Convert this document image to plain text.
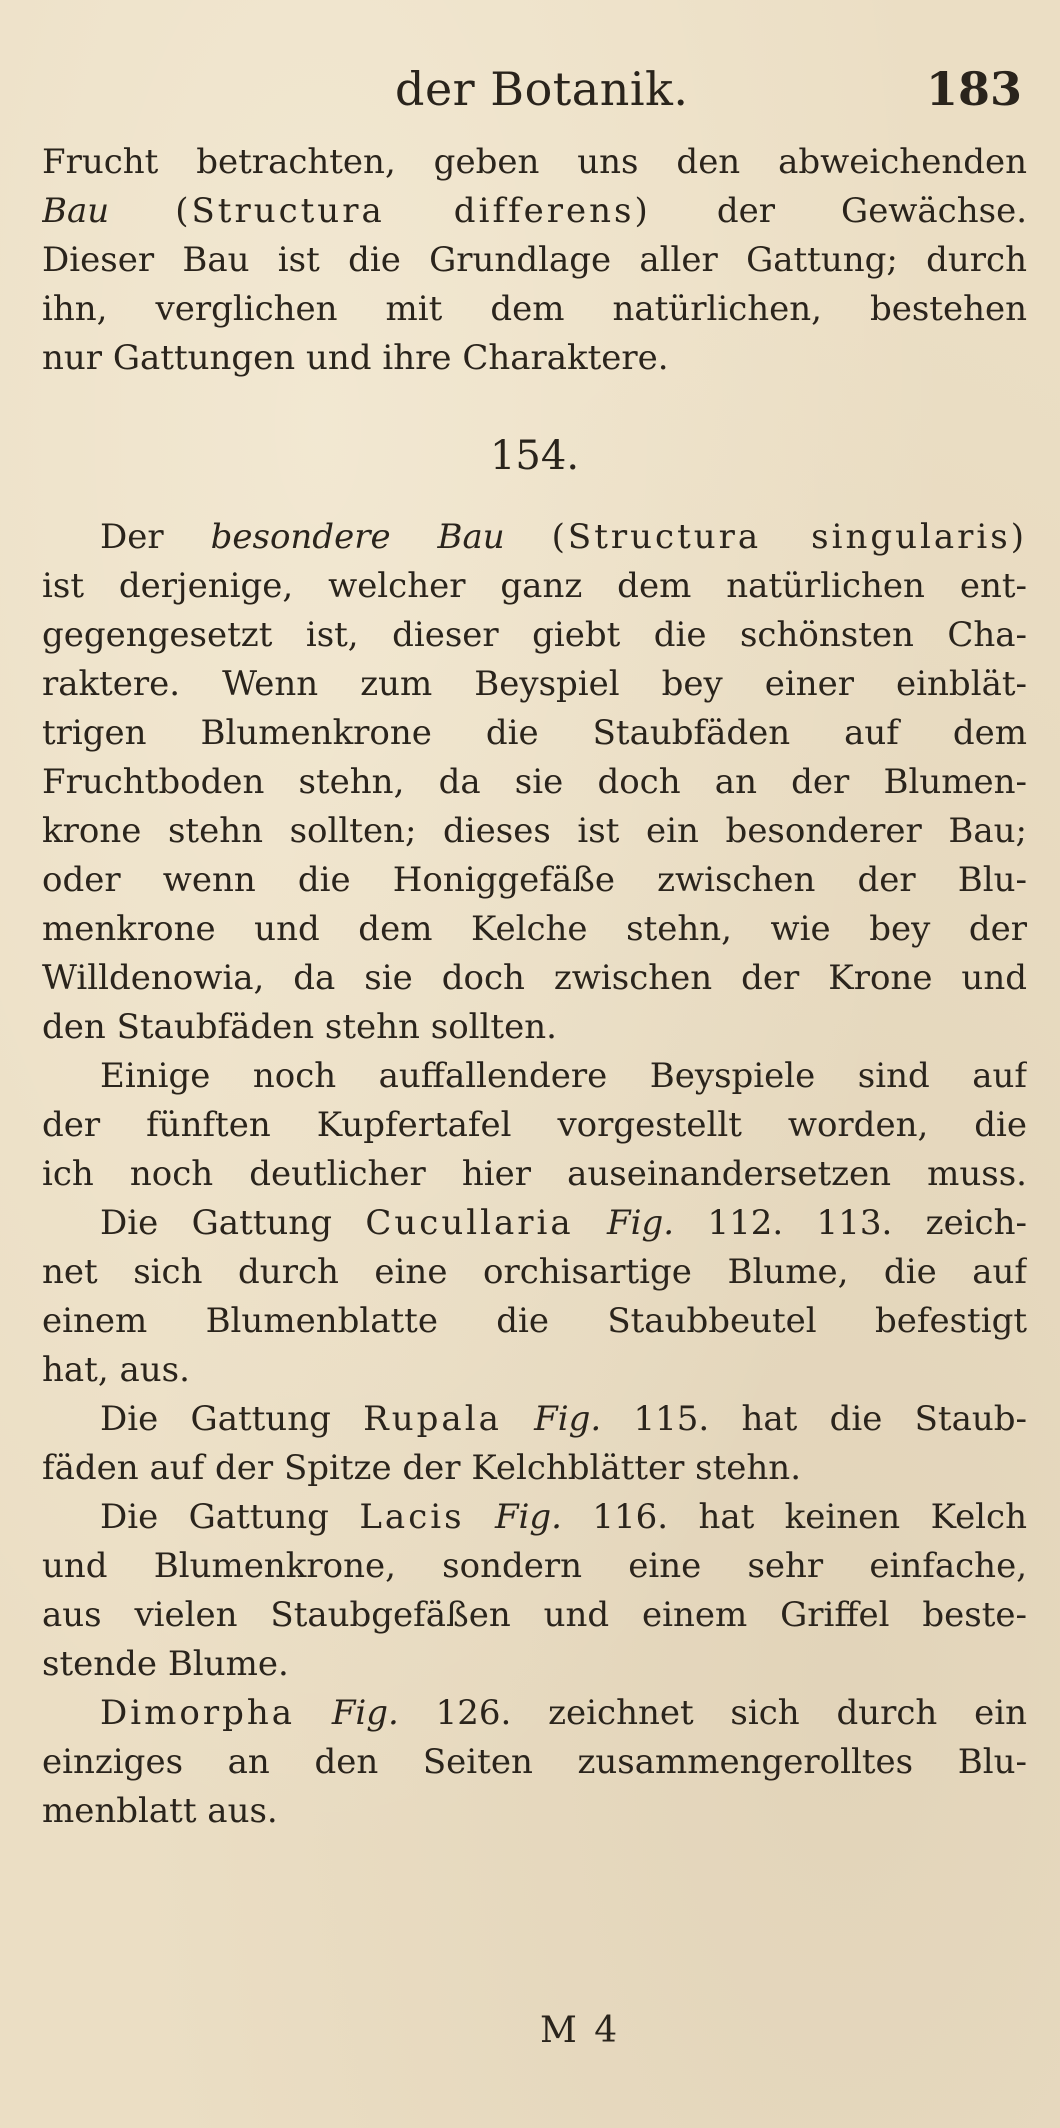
der Botanik.	183
Frucht betrachten, geben uns den abweichenden
Bau (Structura differens) der Gewächse.
Dieser Bau ist die Grundlage aller Gattung; durch
ihn, verglichen mit dem natürlichen, bestehen
nur Gattungen und ihre Charaktere.
154.
Der besondere Bau (Structura singularis)
ist derjenige, welcher ganz dem natürlichen ent-
gegengesetzt ist, dieser giebt die schönsten Cha-
raktere. Wenn zum Beyspiel bey einer einblät-
trigen Blumenkrone die Staubfäden auf dem
Fruchtboden stehn, da sie doch an der Blumen-
krone stehn sollten; dieses ist ein besonderer Bau;
oder wenn die Honiggefäße zwischen der Blu-
menkrone und dem Kelche stehn, wie bey der
Willdenowia, da sie doch zwischen der Krone und
den Staubfäden stehn sollten.
Einige noch auffallendere Beyspiele sind auf
der fünften Kupfertafel vorgestellt worden, die
ich noch deutlicher hier auseinandersetzen muss.
Die Gattung Cucullaria Fig. 112. 113. zeich-
net sich durch eine orchisartige Blume, die auf
einem Blumenblatte die Staubbeutel befestigt
hat, aus.
Die Gattung Rupala Fig. 115. hat die Staub-
fäden auf der Spitze der Kelchblätter stehn.
Die Gattung Lacis Fig. 116. hat keinen Kelch
und Blumenkrone, sondern eine sehr einfache,
aus vielen Staubgefäßen und einem Griffel beste-
stende Blume.
Dimorpha Fig. 126. zeichnet sich durch ein
einziges an den Seiten zusammengerolltes Blu-
menblatt aus.
M 4
